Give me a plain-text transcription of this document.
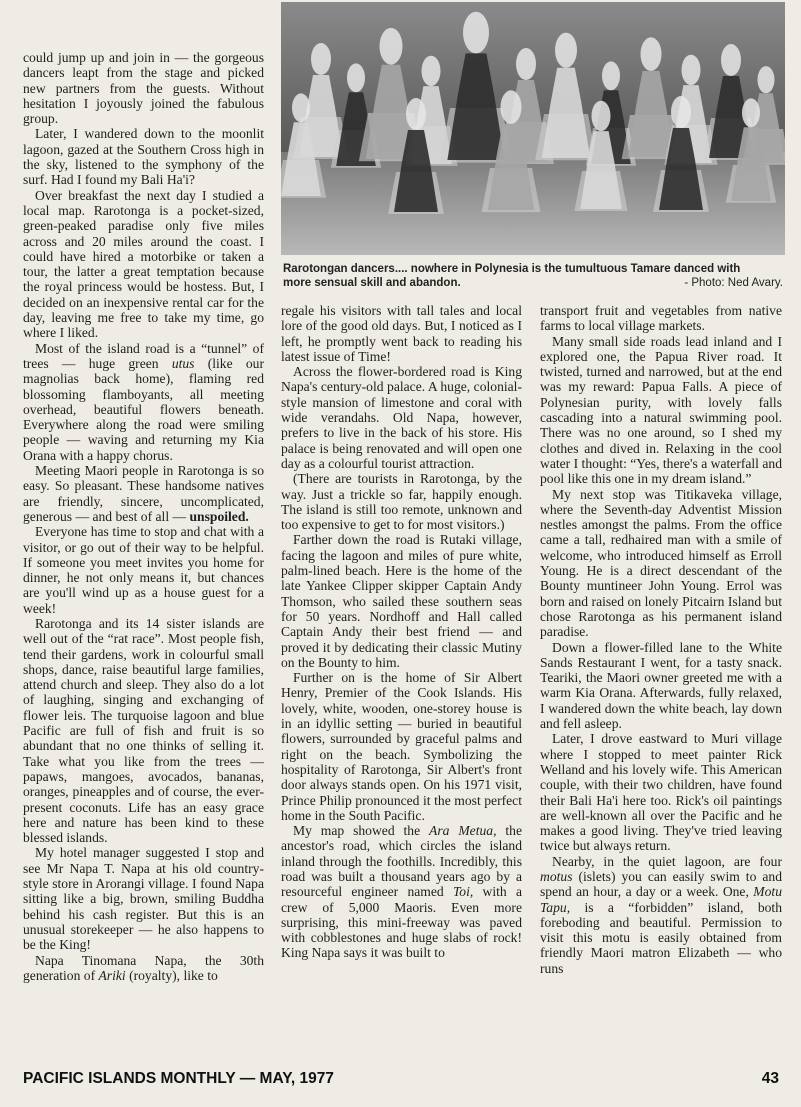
could jump up and join in — the gorgeous dancers leapt from the stage and picked new partners from the guests. Without hesitation I joyously joined the fabulous group.

Later, I wandered down to the moonlit lagoon, gazed at the Southern Cross high in the sky, listened to the symphony of the surf. Had I found my Bali Ha'i?

Over breakfast the next day I studied a local map. Rarotonga is a pocket-sized, green-peaked paradise only five miles across and 20 miles around the coast. I could have hired a motorbike or taken a tour, the latter a great temptation because the royal princess would be hostess. But, I decided on an inexpensive rental car for the day, leaving me free to take my time, go where I liked.

Most of the island road is a “tunnel” of trees — huge green utus (like our magnolias back home), flaming red blossoming flamboyants, all meeting overhead, beautiful flowers beneath. Everywhere along the road were smiling people — waving and returning my Kia Orana with a happy chorus.

Meeting Maori people in Rarotonga is so easy. So pleasant. These handsome natives are friendly, sincere, uncomplicated, generous — and best of all — unspoiled.

Everyone has time to stop and chat with a visitor, or go out of their way to be helpful. If someone you meet invites you home for dinner, he not only means it, but chances are you'll wind up as a house guest for a week!

Rarotonga and its 14 sister islands are well out of the “rat race”. Most people fish, tend their gardens, work in colourful small shops, dance, raise beautiful large families, attend church and sleep. They also do a lot of laughing, singing and exchanging of flower leis. The turquoise lagoon and blue Pacific are full of fish and fruit is so abundant that no one thinks of selling it. Take what you like from the trees — papaws, mangoes, avocados, bananas, oranges, pineapples and of course, the ever-present coconuts. Life has an easy grace here and nature has been kind to these blessed islands.

My hotel manager suggested I stop and see Mr Napa T. Napa at his old country-style store in Arorangi village. I found Napa sitting like a big, brown, smiling Buddha behind his cash register. But this is an unusual storekeeper — he also happens to be the King!

Napa Tinomana Napa, the 30th generation of Ariki (royalty), like to

Rarotongan dancers.... nowhere in Polynesia is the tumultuous Tamare danced with
more sensual skill and abandon.	- Photo: Ned Avary.

regale his visitors with tall tales and local lore of the good old days. But, I noticed as I left, he promptly went back to reading his latest issue of Time!

Across the flower-bordered road is King Napa's century-old palace. A huge, colonial-style mansion of limestone and coral with wide verandahs. Old Napa, however, prefers to live in the back of his store. His palace is being renovated and will open one day as a colourful tourist attraction.

(There are tourists in Rarotonga, by the way. Just a trickle so far, happily enough. The island is still too remote, unknown and too expensive to get to for most visitors.)

Farther down the road is Rutaki village, facing the lagoon and miles of pure white, palm-lined beach. Here is the home of the late Yankee Clipper skipper Captain Andy Thomson, who sailed these southern seas for 50 years. Nordhoff and Hall called Captain Andy their best friend — and proved it by dedicating their classic Mutiny on the Bounty to him.

Further on is the home of Sir Albert Henry, Premier of the Cook Islands. His lovely, white, wooden, one-storey house is in an idyllic setting — buried in beautiful flowers, surrounded by graceful palms and right on the beach. Symbolizing the hospitality of Rarotonga, Sir Albert's front door always stands open. On his 1971 visit, Prince Philip pronounced it the most perfect home in the South Pacific.

My map showed the Ara Metua, the ancestor's road, which circles the island inland through the foothills. Incredibly, this road was built a thousand years ago by a resourceful engineer named Toi, with a crew of 5,000 Maoris. Even more surprising, this mini-freeway was paved with cobblestones and huge slabs of rock! King Napa says it was built to

transport fruit and vegetables from native farms to local village markets.

Many small side roads lead inland and I explored one, the Papua River road. It twisted, turned and narrowed, but at the end was my reward: Papua Falls. A piece of Polynesian purity, with lovely falls cascading into a natural swimming pool. There was no one around, so I shed my clothes and dived in. Relaxing in the cool water I thought: “Yes, there's a waterfall and pool like this one in my dream island.”

My next stop was Titikaveka village, where the Seventh-day Adventist Mission nestles amongst the palms. From the office came a tall, redhaired man with a smile of welcome, who introduced himself as Erroll Young. He is a direct descendant of the Bounty muntineer John Young. Errol was born and raised on lonely Pitcairn Island but chose Rarotonga as his permanent island paradise.

Down a flower-filled lane to the White Sands Restaurant I went, for a tasty snack. Teariki, the Maori owner greeted me with a warm Kia Orana. Afterwards, fully relaxed, I wandered down the white beach, lay down and fell asleep.

Later, I drove eastward to Muri village where I stopped to meet painter Rick Welland and his lovely wife. This American couple, with their two children, have found their Bali Ha'i here too. Rick's oil paintings are well-known all over the Pacific and he makes a good living. They've tried leaving twice but always return.

Nearby, in the quiet lagoon, are four motus (islets) you can easily swim to and spend an hour, a day or a week. One, Motu Tapu, is a “forbidden” island, both foreboding and beautiful. Permission to visit this motu is easily obtained from friendly Maori matron Elizabeth — who runs

PACIFIC ISLANDS MONTHLY — MAY, 1977	43
